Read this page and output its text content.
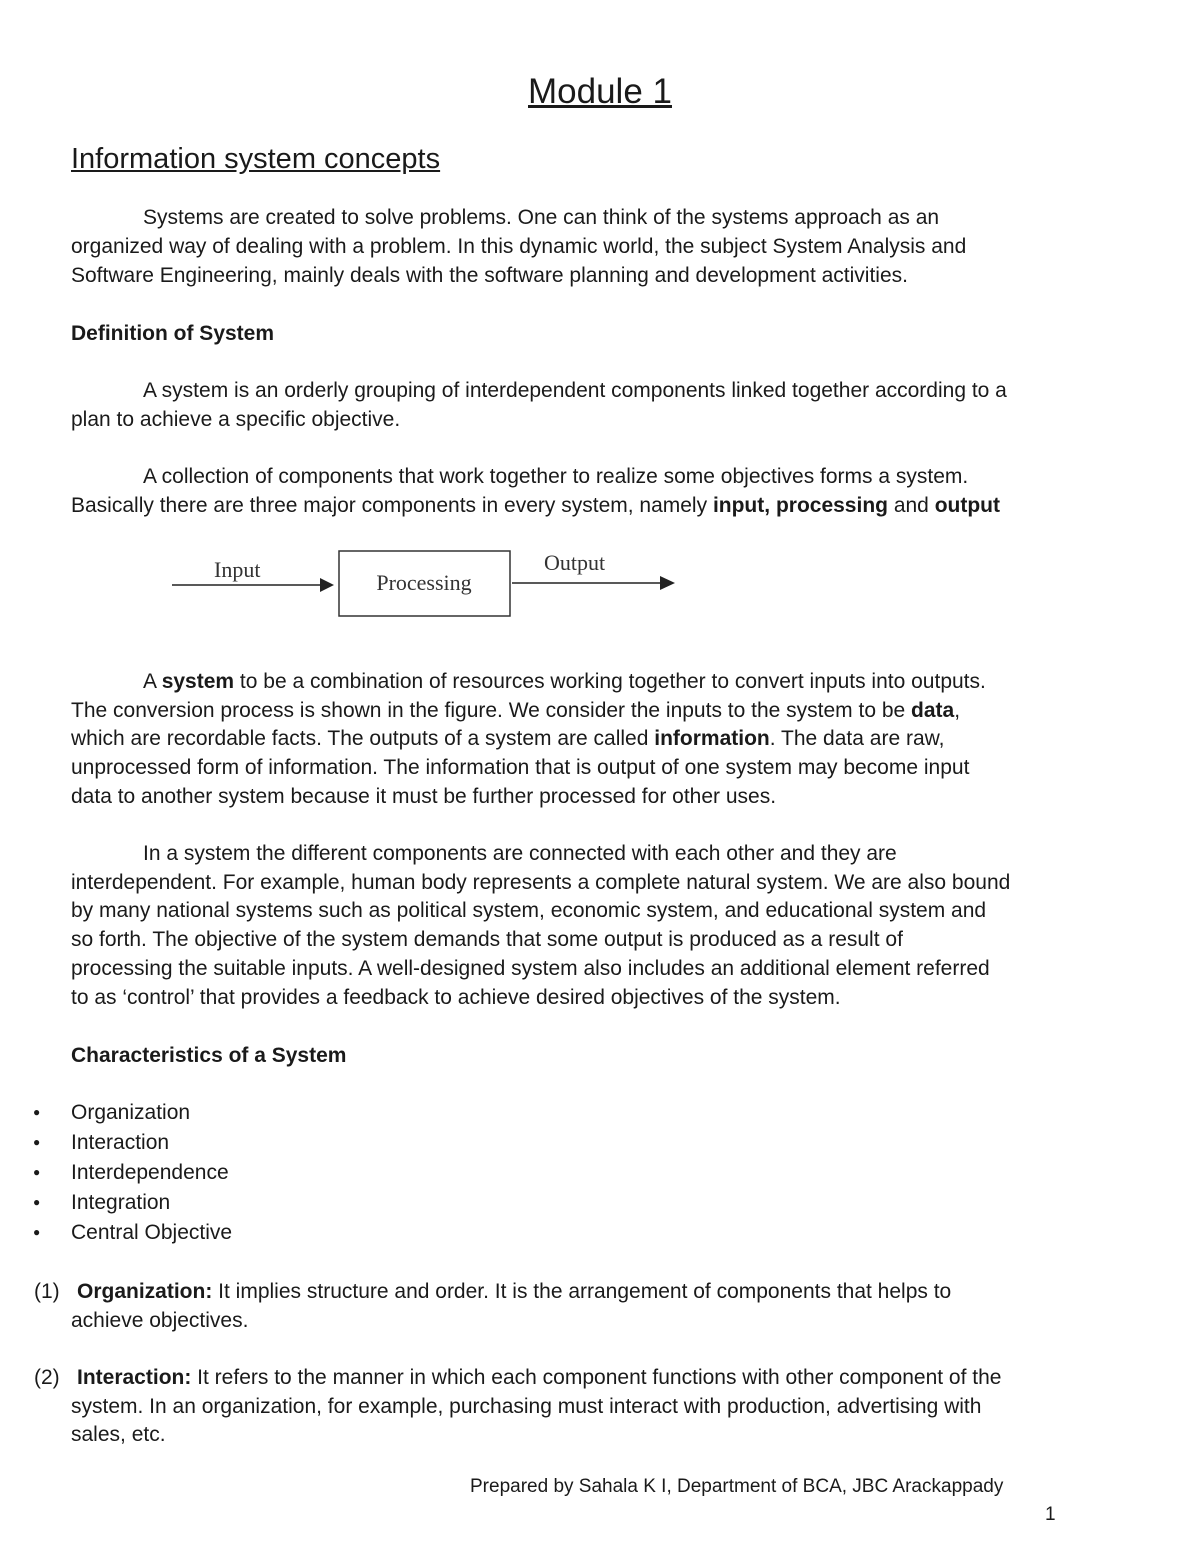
Module 1
Information system concepts
Systems are created to solve problems. One can think of the systems approach as an
organized way of dealing with a problem. In this dynamic world, the subject System Analysis and
Software Engineering, mainly deals with the software planning and development activities.
Definition of System
A system is an orderly grouping of interdependent components linked together according to a
plan to achieve a specific objective.
A collection of components that work together to realize some objectives forms a system.
Basically there are three major components in every system, namely input, processing and output
Input
Processing
Output
A system to be a combination of resources working together to convert inputs into outputs.
The conversion process is shown in the figure. We consider the inputs to the system to be data,
which are recordable facts. The outputs of a system are called information. The data are raw,
unprocessed form of information. The information that is output of one system may become input
data to another system because it must be further processed for other uses.
In a system the different components are connected with each other and they are
interdependent. For example, human body represents a complete natural system. We are also bound
by many national systems such as political system, economic system, and educational system and
so forth. The objective of the system demands that some output is produced as a result of
processing the suitable inputs. A well-designed system also includes an additional element referred
to as ‘control’ that provides a feedback to achieve desired objectives of the system.
Characteristics of a System
● Organization
● Interaction
● Interdependence
● Integration
● Central Objective
(1) Organization: It implies structure and order. It is the arrangement of components that helps to
achieve objectives.
(2) Interaction: It refers to the manner in which each component functions with other component of the
system. In an organization, for example, purchasing must interact with production, advertising with
sales, etc.
Prepared by Sahala K I, Department of BCA, JBC Arackappady
1
